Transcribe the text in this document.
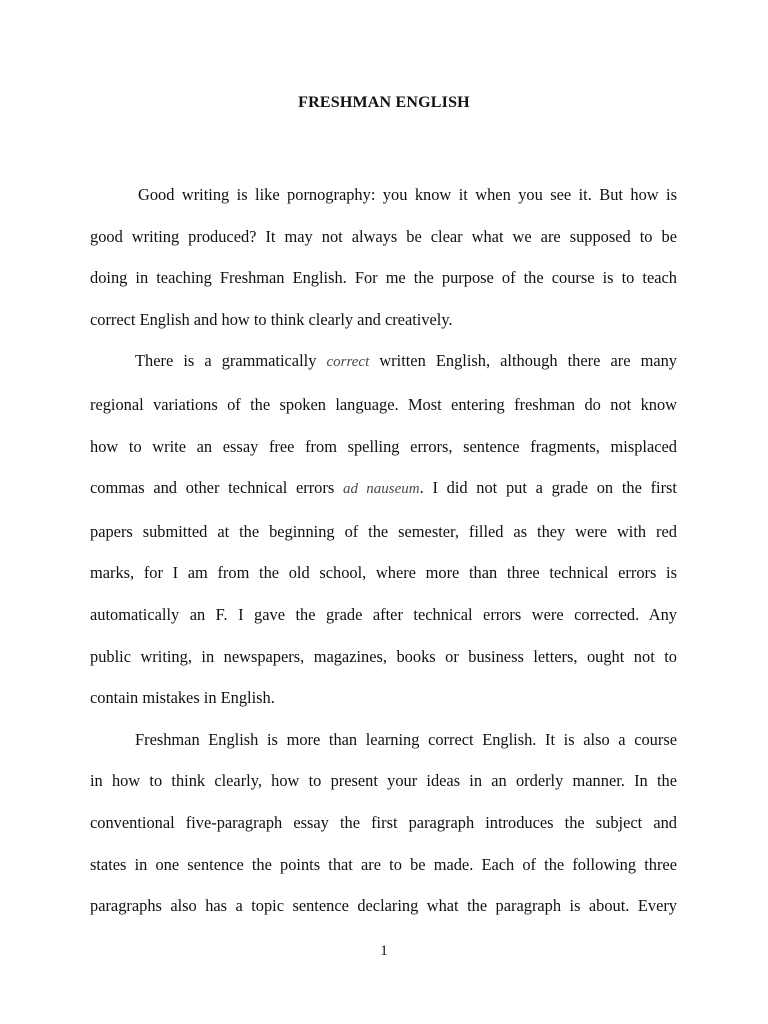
FRESHMAN ENGLISH
Good writing is like pornography: you know it when you see it. But how is
good writing produced? It may not always be clear what we are supposed to be
doing in teaching Freshman English. For me the purpose of the course is to teach
correct English and how to think clearly and creatively.
There is a grammatically correct written English, although there are many
regional variations of the spoken language. Most entering freshman do not know
how to write an essay free from spelling errors, sentence fragments, misplaced
commas and other technical errors ad nauseum. I did not put a grade on the first
papers submitted at the beginning of the semester, filled as they were with red
marks, for I am from the old school, where more than three technical errors is
automatically an F. I gave the grade after technical errors were corrected. Any
public writing, in newspapers, magazines, books or business letters, ought not to
contain mistakes in English.
Freshman English is more than learning correct English. It is also a course
in how to think clearly, how to present your ideas in an orderly manner. In the
conventional five-paragraph essay the first paragraph introduces the subject and
states in one sentence the points that are to be made. Each of the following three
paragraphs also has a topic sentence declaring what the paragraph is about. Every
1
